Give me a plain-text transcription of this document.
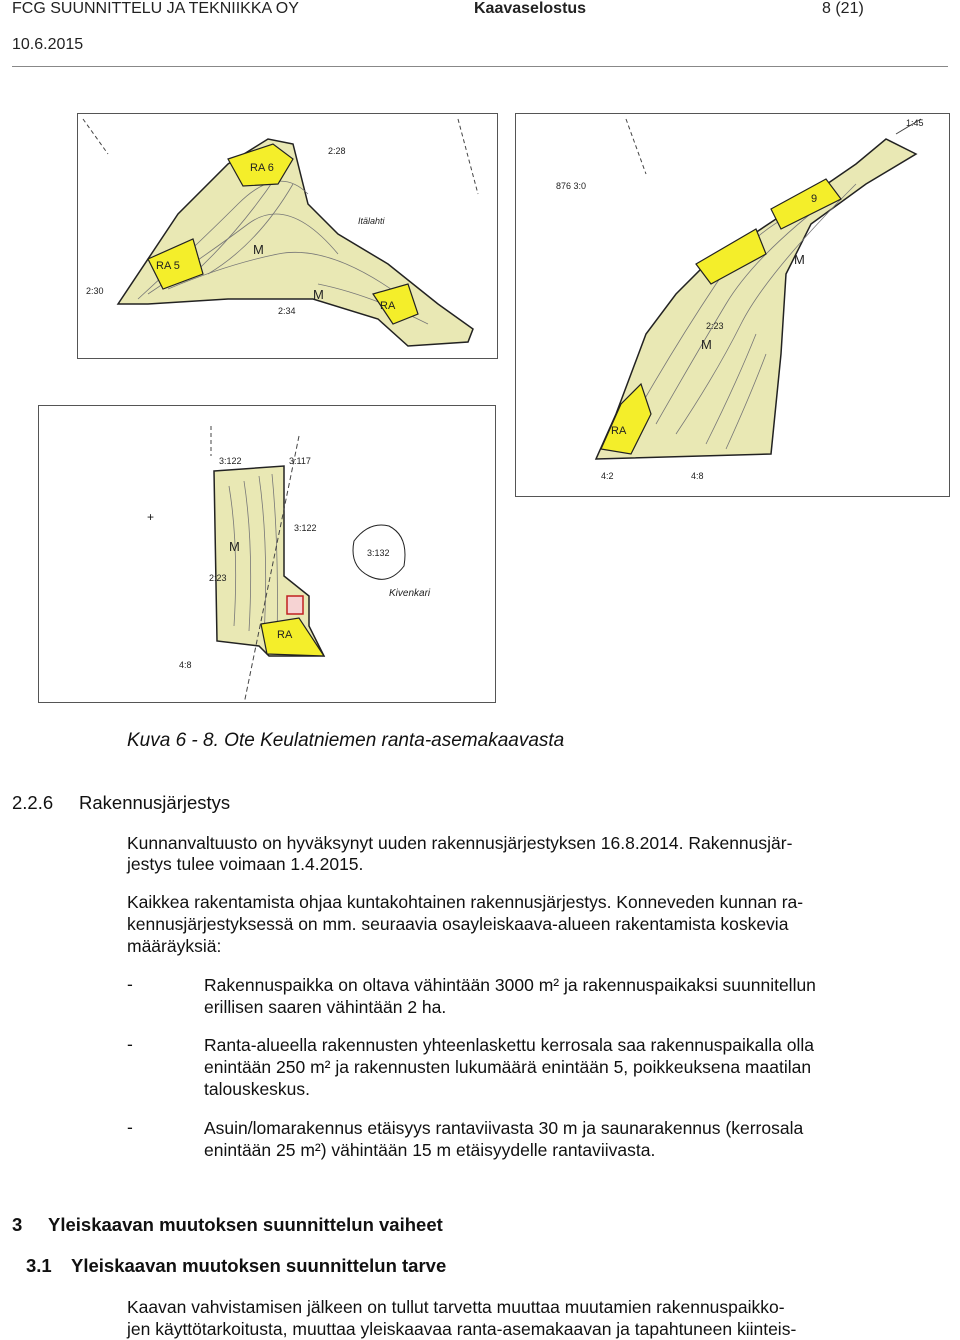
FCG SUUNNITTELU JA TEKNIIKKA OY	Kaavaselostus	8 (21)
10.6.2015
RA 6
RA 5
RA
M
M
2:28
2:30
2:34
Itälahti
9
M
M
RA
1:45
876 3:0
2:23
4:2	4:8
+
M
RA
3:122	3:117
3:122
3:132
2:23
4:8
Kivenkari
Kuva 6 - 8. Ote Keulatniemen ranta-asemakaavasta
2.2.6 Rakennusjärjestys
Kunnanvaltuusto on hyväksynyt uuden rakennusjärjestyksen 16.8.2014. Rakennusjär-
jestys tulee voimaan 1.4.2015.
Kaikkea rakentamista ohjaa kuntakohtainen rakennusjärjestys. Konneveden kunnan ra-
kennusjärjestyksessä on mm. seuraavia osayleiskaava-alueen rakentamista koskevia
määräyksiä:
-	Rakennuspaikka on oltava vähintään 3000 m² ja rakennuspaikaksi suunnitellun
erillisen saaren vähintään 2 ha.
-	Ranta-alueella rakennusten yhteenlaskettu kerrosala saa rakennuspaikalla olla
enintään 250 m² ja rakennusten lukumäärä enintään 5, poikkeuksena maatilan
talouskeskus.
-	Asuin/lomarakennus etäisyys rantaviivasta 30 m ja saunarakennus (kerrosala
enintään 25 m²) vähintään 15 m etäisyydelle rantaviivasta.
3 Yleiskaavan muutoksen suunnittelun vaiheet
3.1 Yleiskaavan muutoksen suunnittelun tarve
Kaavan vahvistamisen jälkeen on tullut tarvetta muuttaa muutamien rakennuspaikko-
jen käyttötarkoitusta, muuttaa yleiskaavaa ranta-asemakaavan ja tapahtuneen kiinteis-
